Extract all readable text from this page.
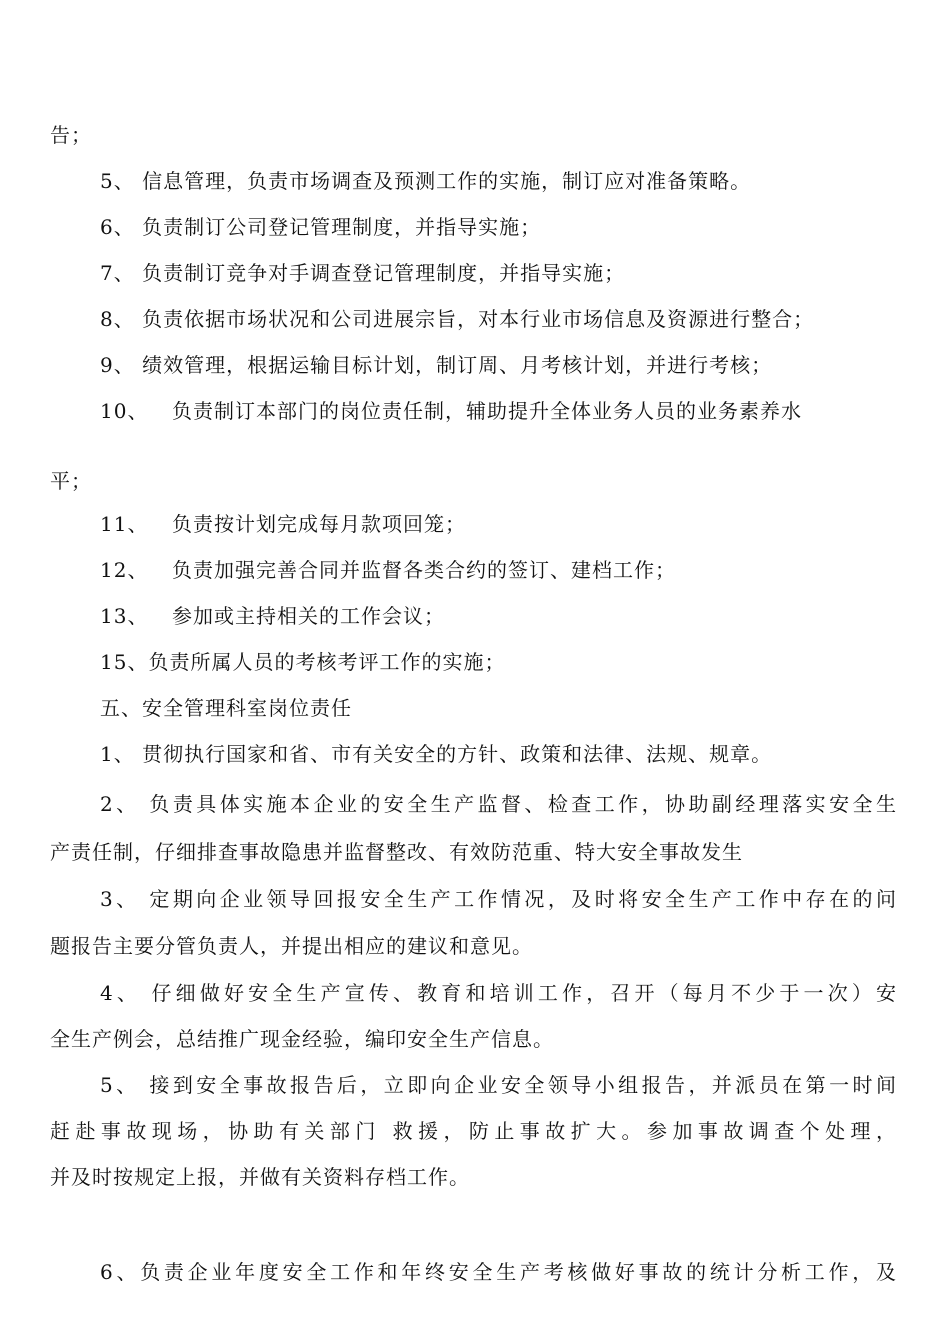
告；
5、 信息管理，负责市场调查及预测工作的实施，制订应对准备策略。
6、 负责制订公司登记管理制度，并指导实施；
7、 负责制订竞争对手调查登记管理制度，并指导实施；
8、 负责依据市场状况和公司进展宗旨，对本行业市场信息及资源进行整合；
9、 绩效管理，根据运输目标计划，制订周、月考核计划，并进行考核；
10、 负责制订本部门的岗位责任制，辅助提升全体业务人员的业务素养水
平；
11、 负责按计划完成每月款项回笼；
12、 负责加强完善合同并监督各类合约的签订、建档工作；
13、 参加或主持相关的工作会议；
15、负责所属人员的考核考评工作的实施；
五、安全管理科室岗位责任
1、 贯彻执行国家和省、市有关安全的方针、政策和法律、法规、规章。
2、 负责具体实施本企业的安全生产监督、检查工作，协助副经理落实安全生
产责任制，仔细排查事故隐患并监督整改、有效防范重、特大安全事故发生
3、 定期向企业领导回报安全生产工作情况，及时将安全生产工作中存在的问
题报告主要分管负责人，并提出相应的建议和意见。
4、 仔细做好安全生产宣传、教育和培训工作，召开（每月不少于一次）安
全生产例会，总结推广现金经验，编印安全生产信息。
5、 接到安全事故报告后，立即向企业安全领导小组报告，并派员在第一时间
赶赴事故现场，协助有关部门 救援，防止事故扩大。参加事故调查个处理，
并及时按规定上报，并做有关资料存档工作。
6、负责企业年度安全工作和年终安全生产考核做好事故的统计分析工作，及
